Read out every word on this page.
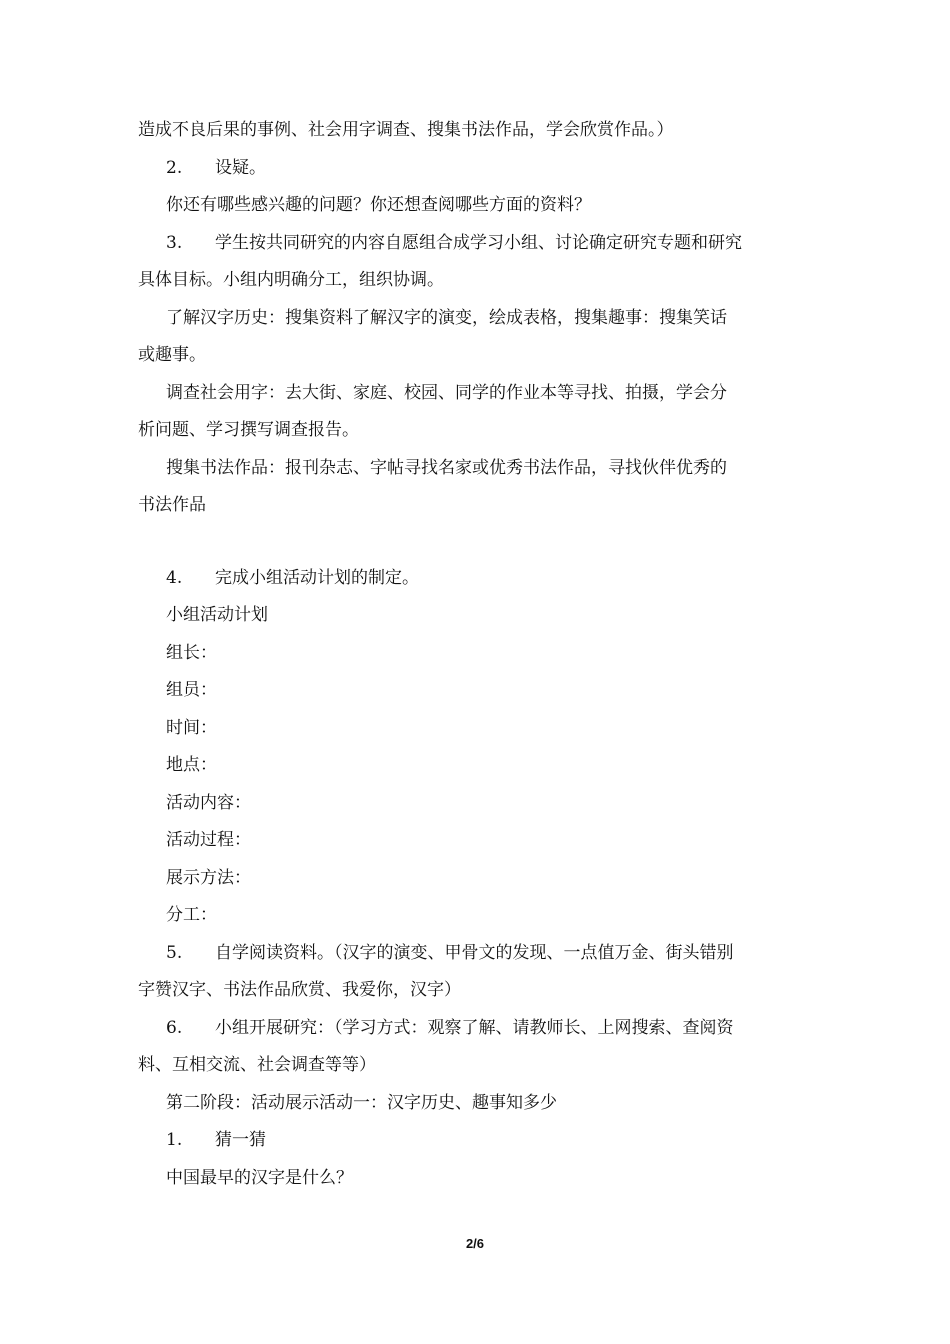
造成不良后果的事例、社会用字调查、搜集书法作品，学会欣赏作品。）
2. 设疑。
你还有哪些感兴趣的问题？你还想查阅哪些方面的资料？
3. 学生按共同研究的内容自愿组合成学习小组、讨论确定研究专题和研究
具体目标。小组内明确分工，组织协调。
了解汉字历史：搜集资料了解汉字的演变，绘成表格，搜集趣事：搜集笑话
或趣事。
调查社会用字：去大街、家庭、校园、同学的作业本等寻找、拍摄，学会分
析问题、学习撰写调查报告。
搜集书法作品：报刊杂志、字帖寻找名家或优秀书法作品，寻找伙伴优秀的
书法作品
4. 完成小组活动计划的制定。
小组活动计划
组长：
组员：
时间：
地点：
活动内容：
活动过程：
展示方法：
分工：
5. 自学阅读资料。（汉字的演变、甲骨文的发现、一点值万金、街头错别
字赞汉字、书法作品欣赏、我爱你，汉字）
6. 小组开展研究：（学习方式：观察了解、请教师长、上网搜索、查阅资
料、互相交流、社会调查等等）
第二阶段：活动展示活动一：汉字历史、趣事知多少
1. 猜一猜
中国最早的汉字是什么？
2/6
